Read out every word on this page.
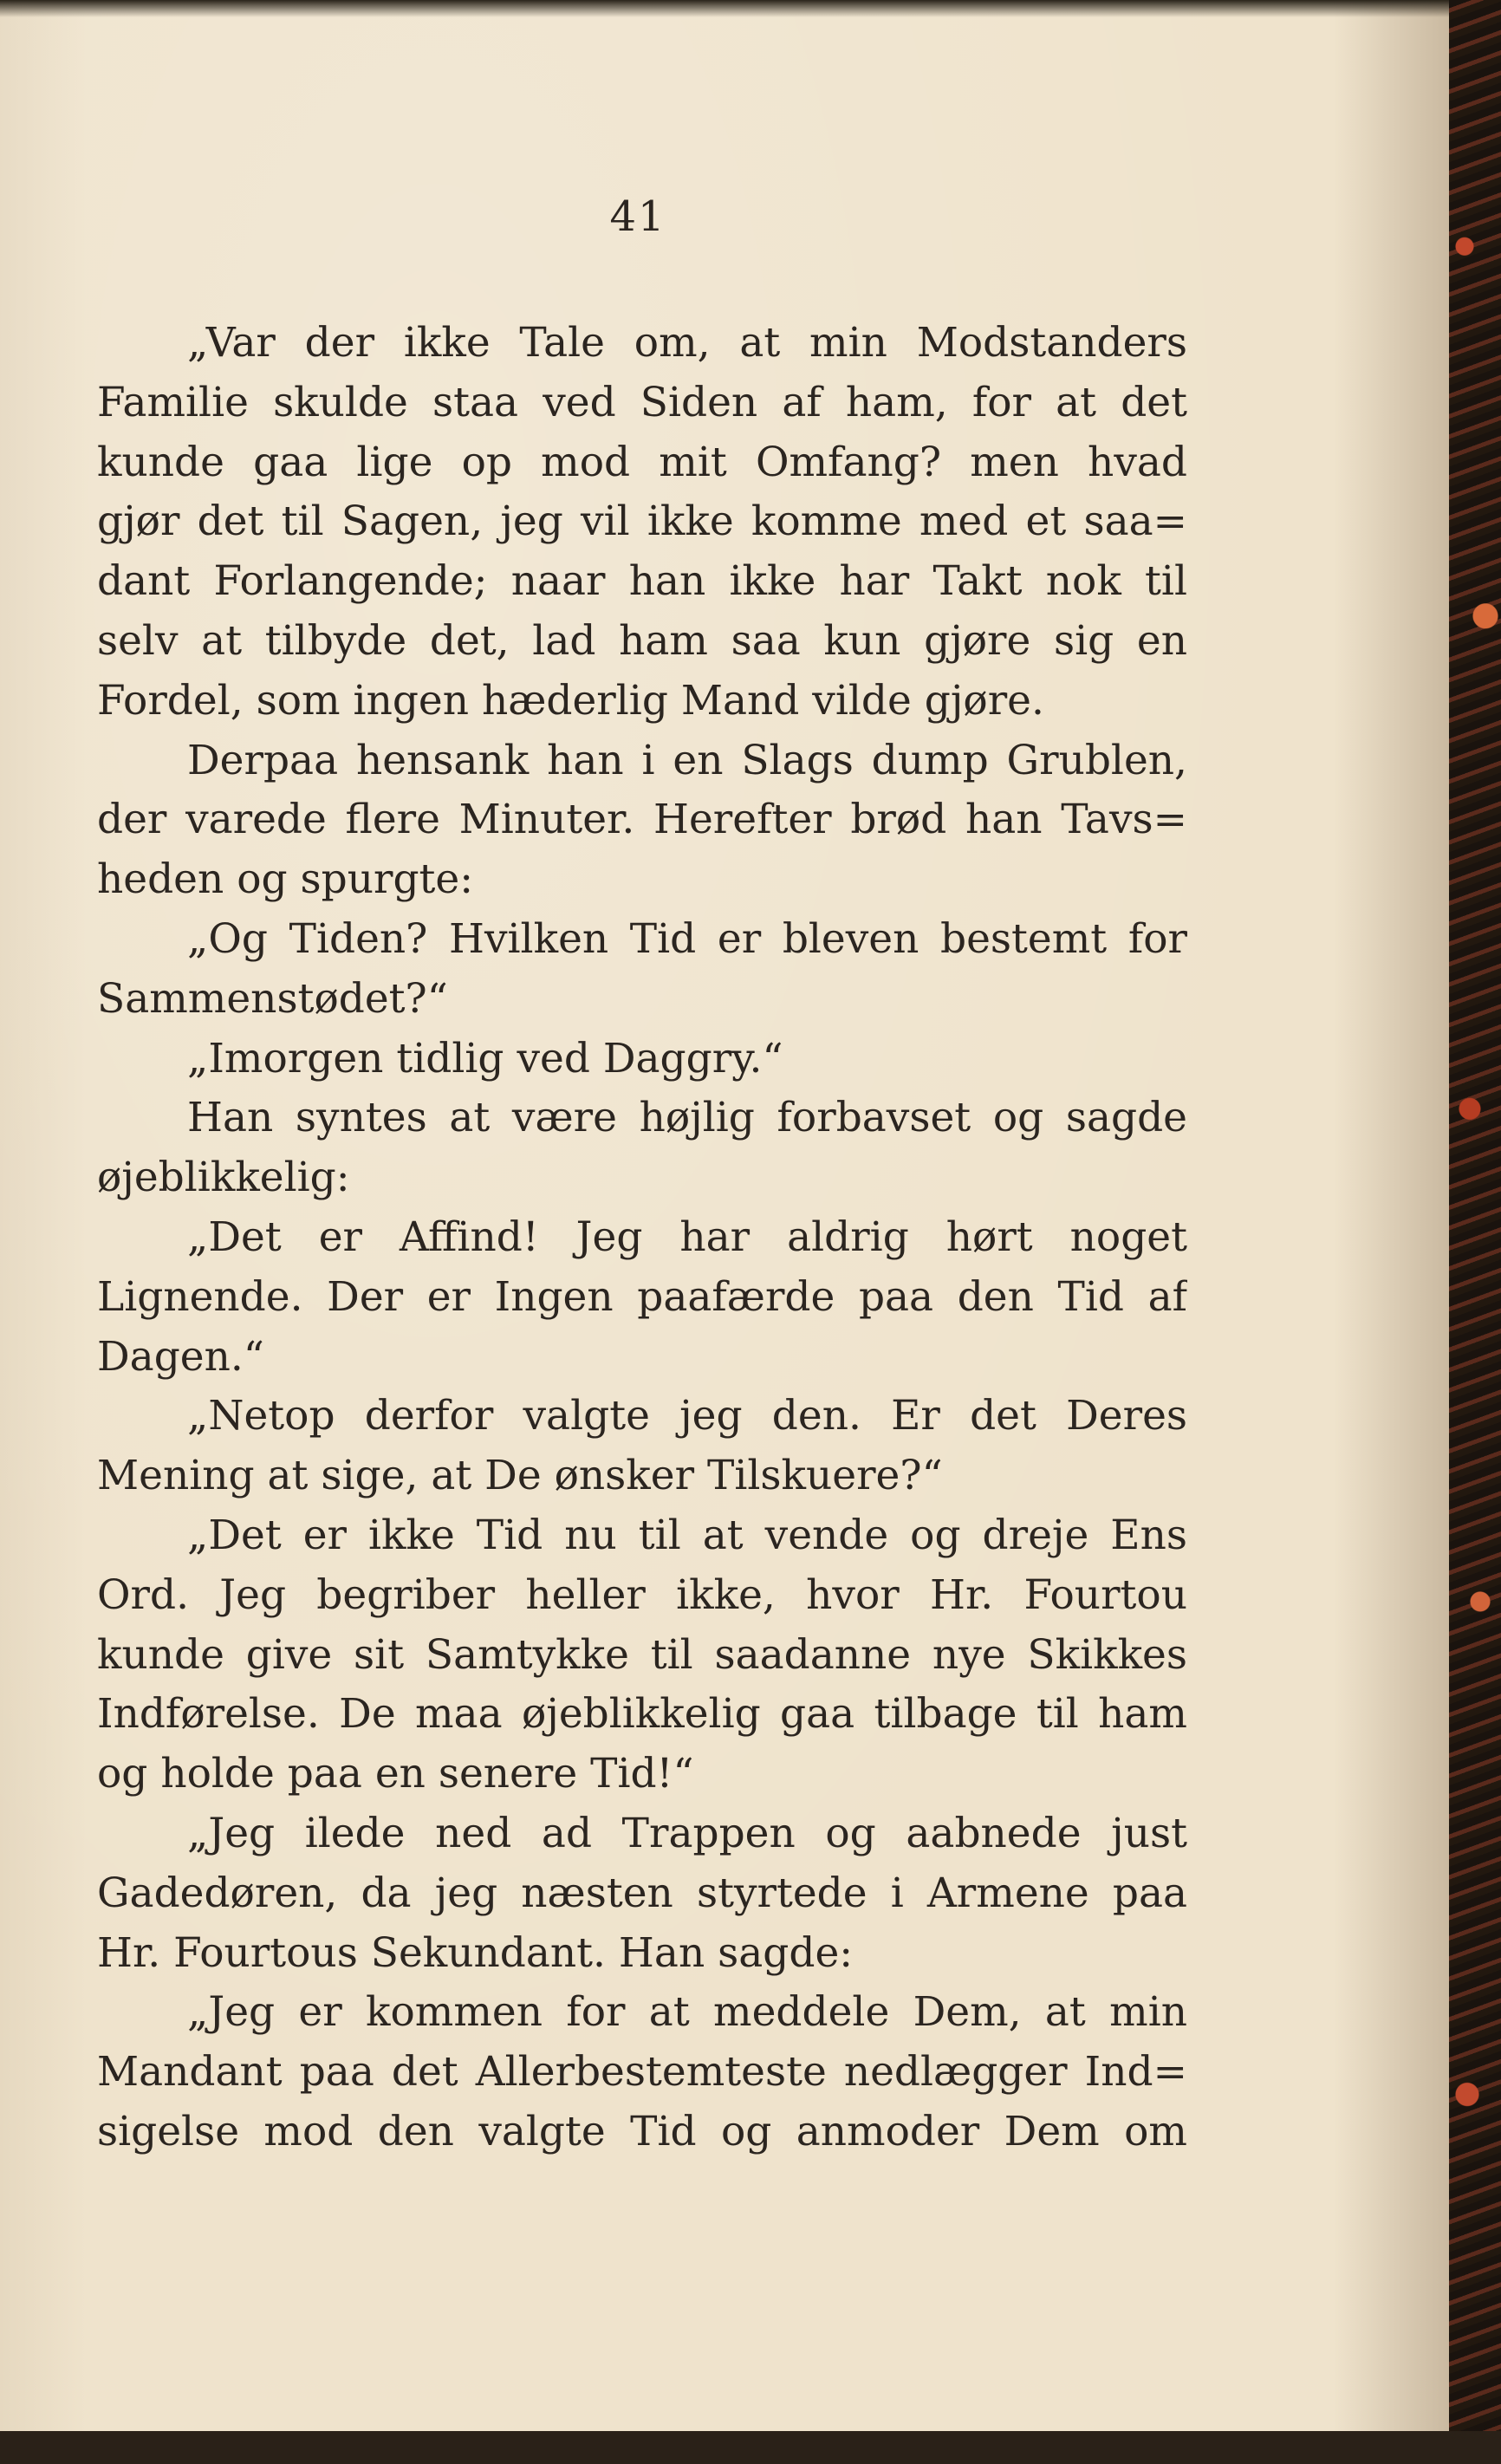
41
„Var der ikke Tale om, at min Modstanders
Familie skulde staa ved Siden af ham, for at det
kunde gaa lige op mod mit Omfang? men hvad
gjør det til Sagen, jeg vil ikke komme med et saa=
dant Forlangende; naar han ikke har Takt nok til
selv at tilbyde det, lad ham saa kun gjøre sig en
Fordel, som ingen hæderlig Mand vilde gjøre.
Derpaa hensank han i en Slags dump Grublen,
der varede flere Minuter. Herefter brød han Tavs=
heden og spurgte:
„Og Tiden? Hvilken Tid er bleven bestemt for
Sammenstødet?“
„Imorgen tidlig ved Daggry.“
Han syntes at være højlig forbavset og sagde
øjeblikkelig:
„Det er Affind! Jeg har aldrig hørt noget
Lignende. Der er Ingen paafærde paa den Tid af
Dagen.“
„Netop derfor valgte jeg den. Er det Deres
Mening at sige, at De ønsker Tilskuere?“
„Det er ikke Tid nu til at vende og dreje Ens
Ord. Jeg begriber heller ikke, hvor Hr. Fourtou
kunde give sit Samtykke til saadanne nye Skikkes
Indførelse. De maa øjeblikkelig gaa tilbage til ham
og holde paa en senere Tid!“
„Jeg ilede ned ad Trappen og aabnede just
Gadedøren, da jeg næsten styrtede i Armene paa
Hr. Fourtous Sekundant. Han sagde:
„Jeg er kommen for at meddele Dem, at min
Mandant paa det Allerbestemteste nedlægger Ind=
sigelse mod den valgte Tid og anmoder Dem om
